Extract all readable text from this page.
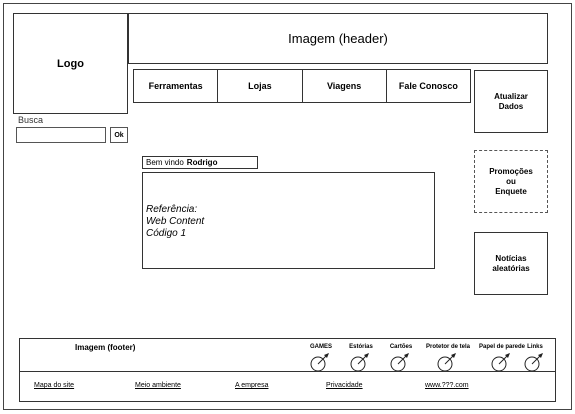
Logo
Imagem (header)
Ferramentas	Lojas	Viagens	Fale Conosco
Busca
Ok
Bem vindo Rodrigo
Referência:
Web Content
Código 1
Atualizar
Dados
Promoções
ou
Enquete
Notícias
aleatórias
Imagem (footer)	GAMES	Estórias	Cartões	Protetor de tela	Papel de parede Links
Mapa do site	Meio ambiente	A empresa	Privacidade	www.???.com
